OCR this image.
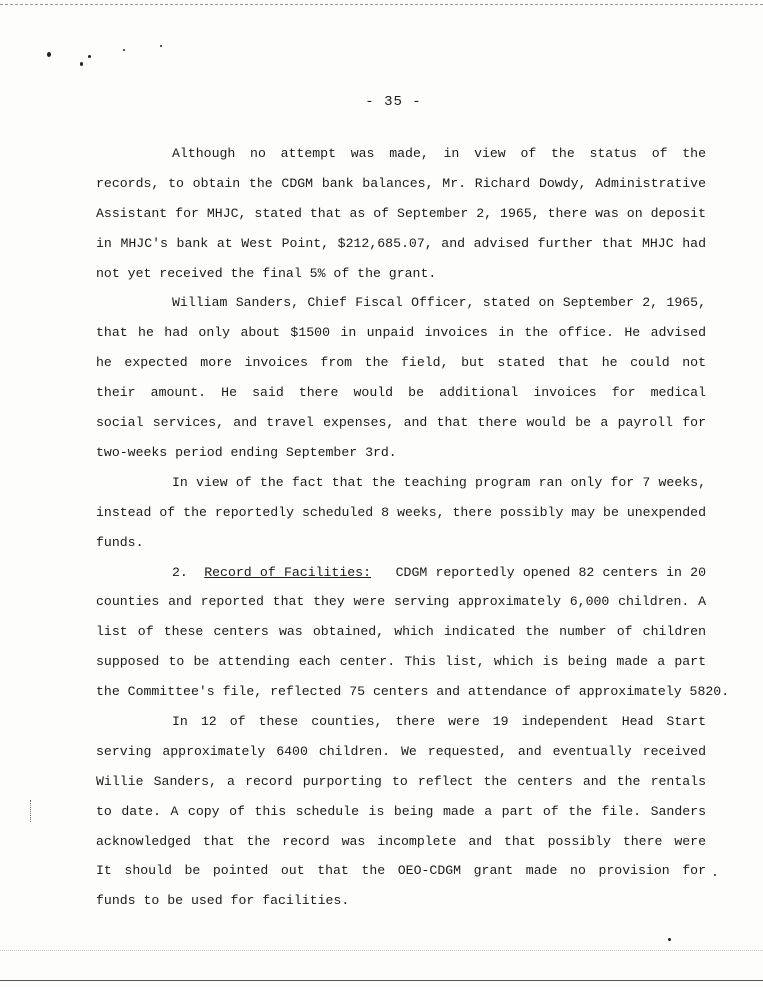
- 35 -
Although no attempt was made, in view of the status of the
records, to obtain the CDGM bank balances, Mr. Richard Dowdy, Administrative
Assistant for MHJC, stated that as of September 2, 1965, there was on deposit
in MHJC's bank at West Point, $212,685.07, and advised further that MHJC had
not yet received the final 5% of the grant.
William Sanders, Chief Fiscal Officer, stated on September 2, 1965,
that he had only about $1500 in unpaid invoices in the office. He advised
he expected more invoices from the field, but stated that he could not
their amount. He said there would be additional invoices for medical
social services, and travel expenses, and that there would be a payroll for
two-weeks period ending September 3rd.
In view of the fact that the teaching program ran only for 7 weeks,
instead of the reportedly scheduled 8 weeks, there possibly may be unexpended
funds.
2. Record of Facilities: CDGM reportedly opened 82 centers in 20
counties and reported that they were serving approximately 6,000 children. A
list of these centers was obtained, which indicated the number of children
supposed to be attending each center. This list, which is being made a part
the Committee's file, reflected 75 centers and attendance of approximately 5820.
In 12 of these counties, there were 19 independent Head Start
serving approximately 6400 children. We requested, and eventually received
Willie Sanders, a record purporting to reflect the centers and the rentals
to date. A copy of this schedule is being made a part of the file. Sanders
acknowledged that the record was incomplete and that possibly there were
It should be pointed out that the OEO-CDGM grant made no provision for
funds to be used for facilities.
